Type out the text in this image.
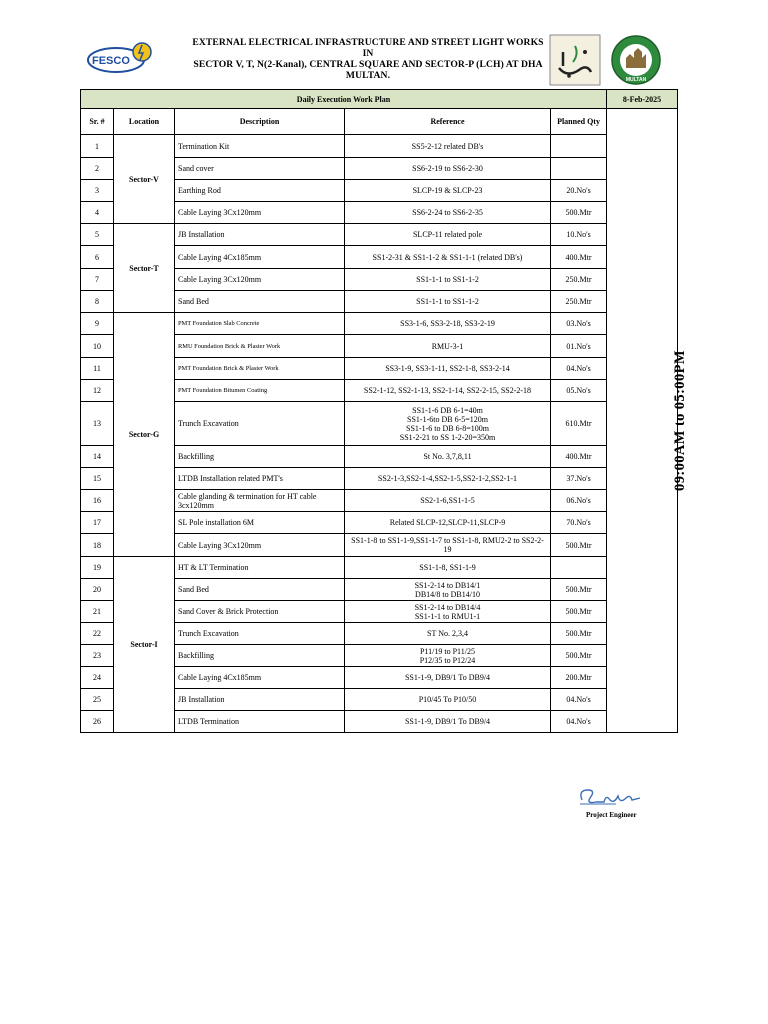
FESCO
EXTERNAL ELECTRICAL INFRASTRUCTURE AND STREET LIGHT WORKS IN
SECTOR V, T, N(2-Kanal), CENTRAL SQUARE AND SECTOR-P (LCH) AT DHA
MULTAN.	MULTAN
Daily Execution Work Plan					8-Feb-2025
Sr. #	Location	Description	Reference	Planned Qty	09:00AM to 05:00PM
1	Sector-V	Termination Kit	SS5-2-12 related DB's		

2		Sand cover	SS6-2-19 to SS6-2-30		

3		Earthing Rod	SLCP-19 & SLCP-23	20.No's	
4		Cable Laying 3Cx120mm	SS6-2-24 to SS6-2-35	500.Mtr	
5	Sector-T	JB Installation	SLCP-11 related pole	10.No's	
6		Cable Laying 4Cx185mm	SS1-2-31 & SS1-1-2 & SS1-1-1 (related DB's)	400.Mtr	
7		Cable Laying 3Cx120mm	SS1-1-1 to SS1-1-2	250.Mtr	
8		Sand Bed	SS1-1-1 to SS1-1-2	250.Mtr	
9	Sector-G	PMT Foundation Slab Concrete	SS3-1-6, SS3-2-18, SS3-2-19	03.No's	
10		RMU Foundation Brick & Plaster Work	RMU-3-1	01.No's	
11		PMT Foundation Brick & Plaster Work	SS3-1-9, SS3-1-11, SS2-1-8, SS3-2-14	04.No's	
12		PMT Foundation Bitumen Coating	SS2-1-12, SS2-1-13, SS2-1-14, SS2-2-15, SS2-2-18	05.No's	
13		Trunch Excavation	SS1-1-6 DB 6-1=40m
SS1-1-6to DB 6-5=120m
SS1-1-6 to DB 6-8=100m
SS1-2-21 to SS 1-2-20=350m	610.Mtr	
14		Backfilling	St No. 3,7,8,11	400.Mtr	
15		LTDB Installation related PMT's	SS2-1-3,SS2-1-4,SS2-1-5,SS2-1-2,SS2-1-1	37.No's	
16		Cable glanding & termination for HT cable 3cx120mm	SS2-1-6,SS1-1-5	06.No's	
17		SL Pole installation 6M	Related SLCP-12,SLCP-11,SLCP-9	70.No's	
18		Cable Laying 3Cx120mm	SS1-1-8 to SS1-1-9,SS1-1-7 to SS1-1-8, RMU2-2 to SS2-2-19	500.Mtr	
19	Sector-I	HT & LT Termination	SS1-1-8, SS1-1-9		

20		Sand Bed	SS1-2-14 to DB14/1
DB14/8 to DB14/10	500.Mtr	
21		Sand Cover & Brick Protection	SS1-2-14 to DB14/4
SS1-1-1 to RMU1-1	500.Mtr	
22		Trunch Excavation	ST No. 2,3,4	500.Mtr	
23		Backfilling	P11/19 to P11/25
P12/35 to P12/24	500.Mtr	
24		Cable Laying 4Cx185mm	SS1-1-9, DB9/1 To DB9/4	200.Mtr	
25		JB Installation	P10/45 To P10/50	04.No's	
26		LTDB Termination	SS1-1-9, DB9/1 To DB9/4	04.No's	
Project Engineer
